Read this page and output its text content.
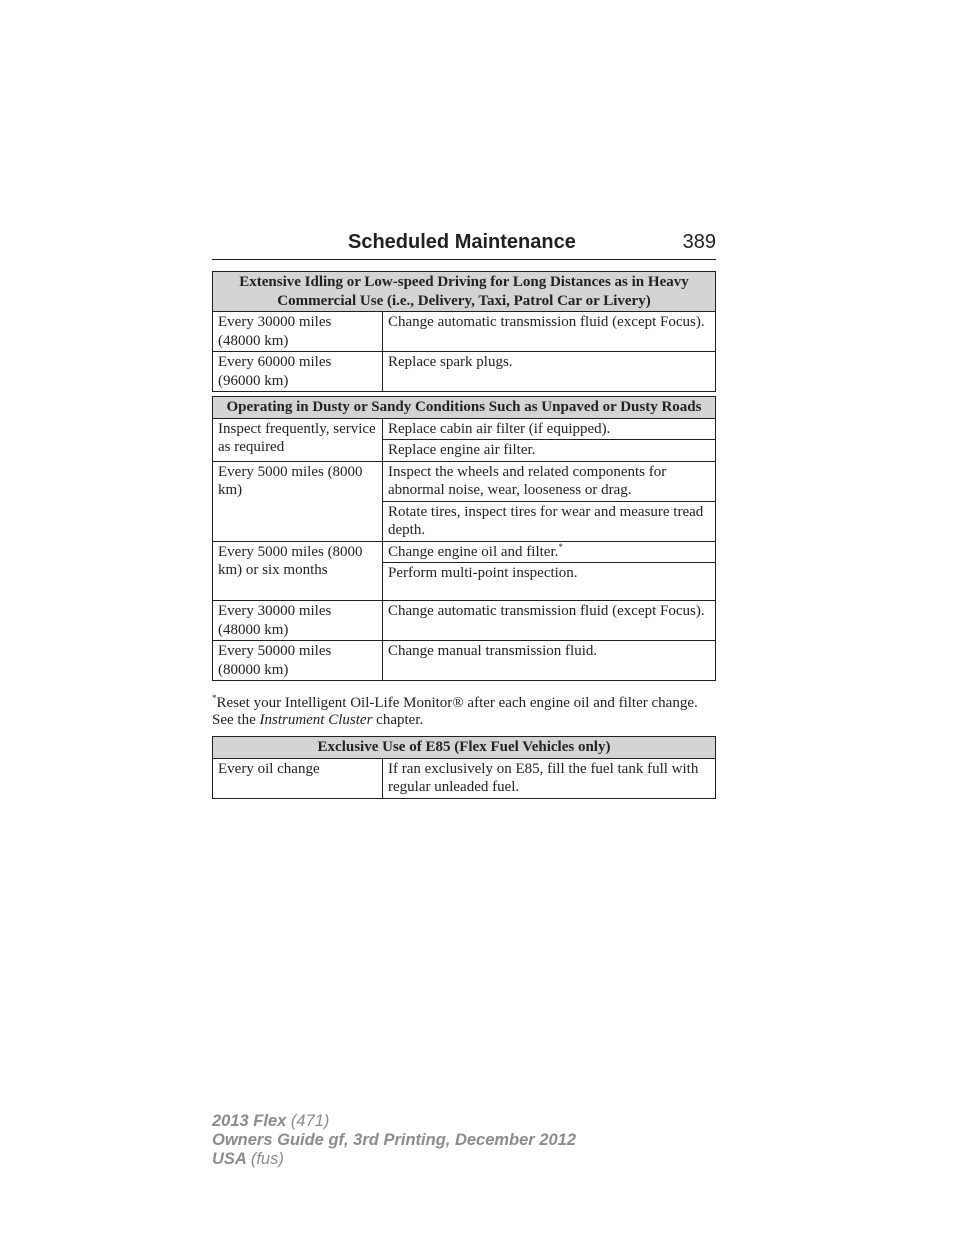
Scheduled Maintenance	389
Extensive Idling or Low-speed Driving for Long Distances as in Heavy Commercial Use (i.e., Delivery, Taxi, Patrol Car or Livery)	
Every 30000 miles (48000 km)	Change automatic transmission fluid (except Focus).
Every 60000 miles (96000 km)	Replace spark plugs.
Operating in Dusty or Sandy Conditions Such as Unpaved or Dusty Roads	
Inspect frequently, service as required	Replace cabin air filter (if equipped).
	Replace engine air filter.
Every 5000 miles (8000 km)	Inspect the wheels and related components for abnormal noise, wear, looseness or drag.
	Rotate tires, inspect tires for wear and measure tread depth.
Every 5000 miles (8000 km) or six months	Change engine oil and filter.*
	Perform multi-point inspection.
Every 30000 miles (48000 km)	Change automatic transmission fluid (except Focus).
Every 50000 miles (80000 km)	Change manual transmission fluid.
*Reset your Intelligent Oil-Life Monitor® after each engine oil and filter change. See the Instrument Cluster chapter.
Exclusive Use of E85 (Flex Fuel Vehicles only)
Every oil change	If ran exclusively on E85, fill the fuel tank full with regular unleaded fuel.
2013 Flex (471)
Owners Guide gf, 3rd Printing, December 2012
USA (fus)
